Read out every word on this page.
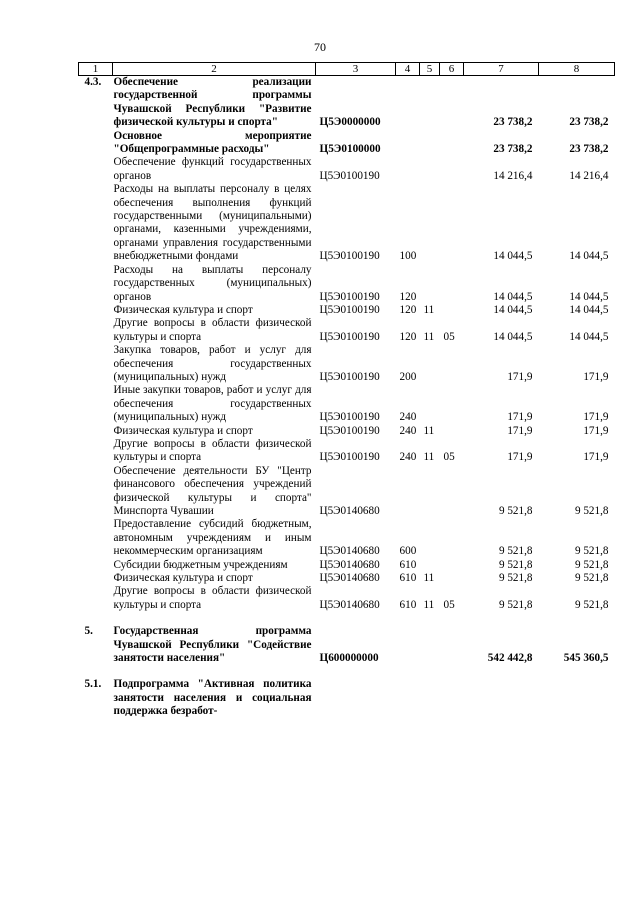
70
1	2	3	4	5	6	7	8
4.3.	Обеспечение реализации государственной программы Чувашской Республики "Развитие физической культуры и спорта"	Ц5Э0000000				23 738,2	23 738,2
	Основное мероприятие "Общепрограммные расходы"	Ц5Э0100000				23 738,2	23 738,2
	Обеспечение функций государственных органов	Ц5Э0100190				14 216,4	14 216,4
	Расходы на выплаты персоналу в целях обеспечения выполнения функций государственными (муниципальными) органами, казенными учреждениями, органами управления государственными внебюджетными фондами	Ц5Э0100190	100			14 044,5	14 044,5
	Расходы на выплаты персоналу государственных (муниципальных) органов	Ц5Э0100190	120			14 044,5	14 044,5
	Физическая культура и спорт	Ц5Э0100190	120	11		14 044,5	14 044,5
	Другие вопросы в области физической культуры и спорта	Ц5Э0100190	120	11	05	14 044,5	14 044,5
	Закупка товаров, работ и услуг для обеспечения государственных (муниципальных) нужд	Ц5Э0100190	200			171,9	171,9
	Иные закупки товаров, работ и услуг для обеспечения государственных (муниципальных) нужд	Ц5Э0100190	240			171,9	171,9
	Физическая культура и спорт	Ц5Э0100190	240	11		171,9	171,9
	Другие вопросы в области физической культуры и спорта	Ц5Э0100190	240	11	05	171,9	171,9
	Обеспечение деятельности БУ "Центр финансового обеспечения учреждений физической культуры и спорта" Минспорта Чувашии	Ц5Э0140680				9 521,8	9 521,8
	Предоставление субсидий бюджетным, автономным учреждениям и иным некоммерческим организациям	Ц5Э0140680	600			9 521,8	9 521,8
	Субсидии бюджетным учреждениям	Ц5Э0140680	610			9 521,8	9 521,8
	Физическая культура и спорт	Ц5Э0140680	610	11		9 521,8	9 521,8
	Другие вопросы в области физической культуры и спорта	Ц5Э0140680	610	11	05	9 521,8	9 521,8

5.	Государственная программа Чувашской Республики "Содействие занятости населения"	Ц600000000				542 442,8	545 360,5

5.1.	Подпрограмма "Активная политика занятости населения и социальная поддержка безработ-						
